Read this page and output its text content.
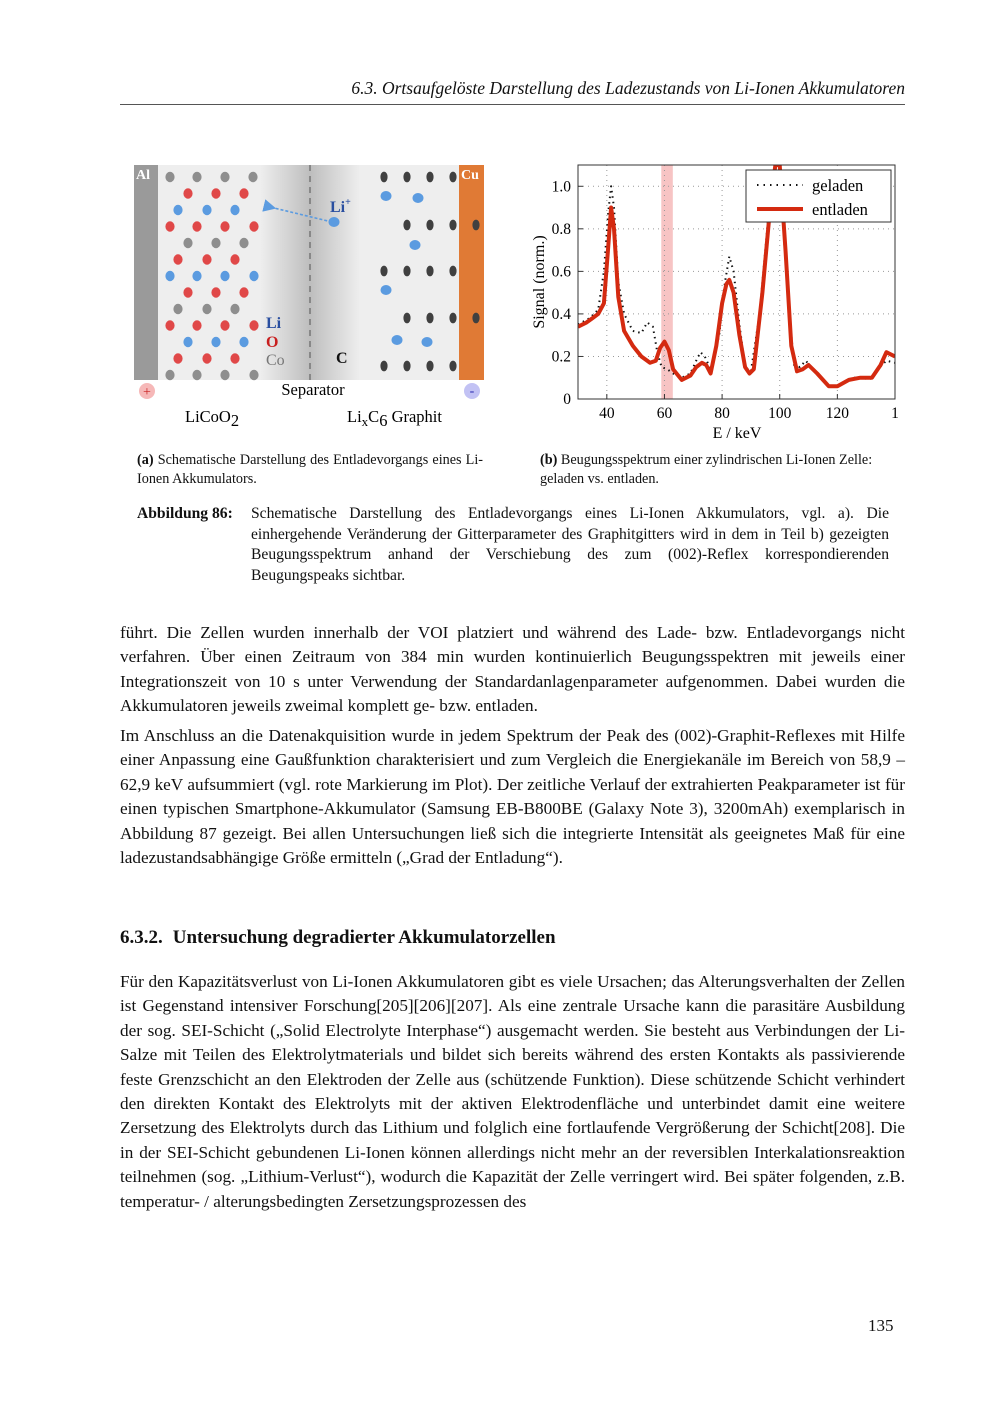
6.3. Ortsaufgelöste Darstellung des Ladezustands von Li-Ionen Akkumulatoren
Al	Cu
Li+
Li
O
Co	C
+	-
Separator
LiCoO2	$Li_xC6$ Graphit	40	60	80 100 120	1
0
0.2
0.4
0.6
0.8
1.0	geladen
entladen
E / keV
Signal (norm.)
(a) Schematische Darstellung des Entladevorgangs eines Li-Ionen Akkumulators.
(b) Beugungsspektrum einer zylindrischen Li-Ionen Zelle: geladen vs. entladen.
Abbildung 86: Schematische Darstellung des Entladevorgangs eines Li-Ionen Akkumulators, vgl. a). Die einhergehende Veränderung der Gitterparameter des Graphitgitters wird in dem in Teil b) gezeigten Beugungsspektrum anhand der Verschiebung des zum (002)-Reflex korrespondierenden Beugungspeaks sichtbar.

führt. Die Zellen wurden innerhalb der VOI platziert und während des Lade- bzw. Entladevorgangs nicht verfahren. Über einen Zeitraum von 384 min wurden kontinuierlich Beugungsspektren mit jeweils einer Integrationszeit von 10 s unter Verwendung der Standardanlagenparameter aufgenommen. Dabei wurden die Akkumulatoren jeweils zweimal komplett ge- bzw. entladen.

Im Anschluss an die Datenakquisition wurde in jedem Spektrum der Peak des (002)-Graphit-Reflexes mit Hilfe einer Anpassung eine Gaußfunktion charakterisiert und zum Vergleich die Energiekanäle im Bereich von 58,9 – 62,9 keV aufsummiert (vgl. rote Markierung im Plot). Der zeitliche Verlauf der extrahierten Peakparameter ist für einen typischen Smartphone-Akkumulator (Samsung EB-B800BE (Galaxy Note 3), 3200mAh) exemplarisch in Abbildung 87 gezeigt. Bei allen Untersuchungen ließ sich die integrierte Intensität als geeignetes Maß für eine ladezustandsabhängige Größe ermitteln („Grad der Entladung“).

6.3.2. Untersuchung degradierter Akkumulatorzellen

Für den Kapazitätsverlust von Li-Ionen Akkumulatoren gibt es viele Ursachen; das Alterungsverhalten der Zellen ist Gegenstand intensiver Forschung[205][206][207]. Als eine zentrale Ursache kann die parasitäre Ausbildung der sog. SEI-Schicht („Solid Electrolyte Interphase“) ausgemacht werden. Sie besteht aus Verbindungen der Li-Salze mit Teilen des Elektrolytmaterials und bildet sich bereits während des ersten Kontakts als passivierende feste Grenzschicht an den Elektroden der Zelle aus (schützende Funktion). Diese schützende Schicht verhindert den direkten Kontakt des Elektrolyts mit der aktiven Elektrodenfläche und unterbindet damit eine weitere Zersetzung des Elektrolyts durch das Lithium und folglich eine fortlaufende Vergrößerung der Schicht[208]. Die in der SEI-Schicht gebundenen Li-Ionen können allerdings nicht mehr an der reversiblen Interkalationsreaktion teilnehmen (sog. „Lithium-Verlust“), wodurch die Kapazität der Zelle verringert wird. Bei später folgenden, z.B. temperatur- / alterungsbedingten Zersetzungsprozessen des

135
